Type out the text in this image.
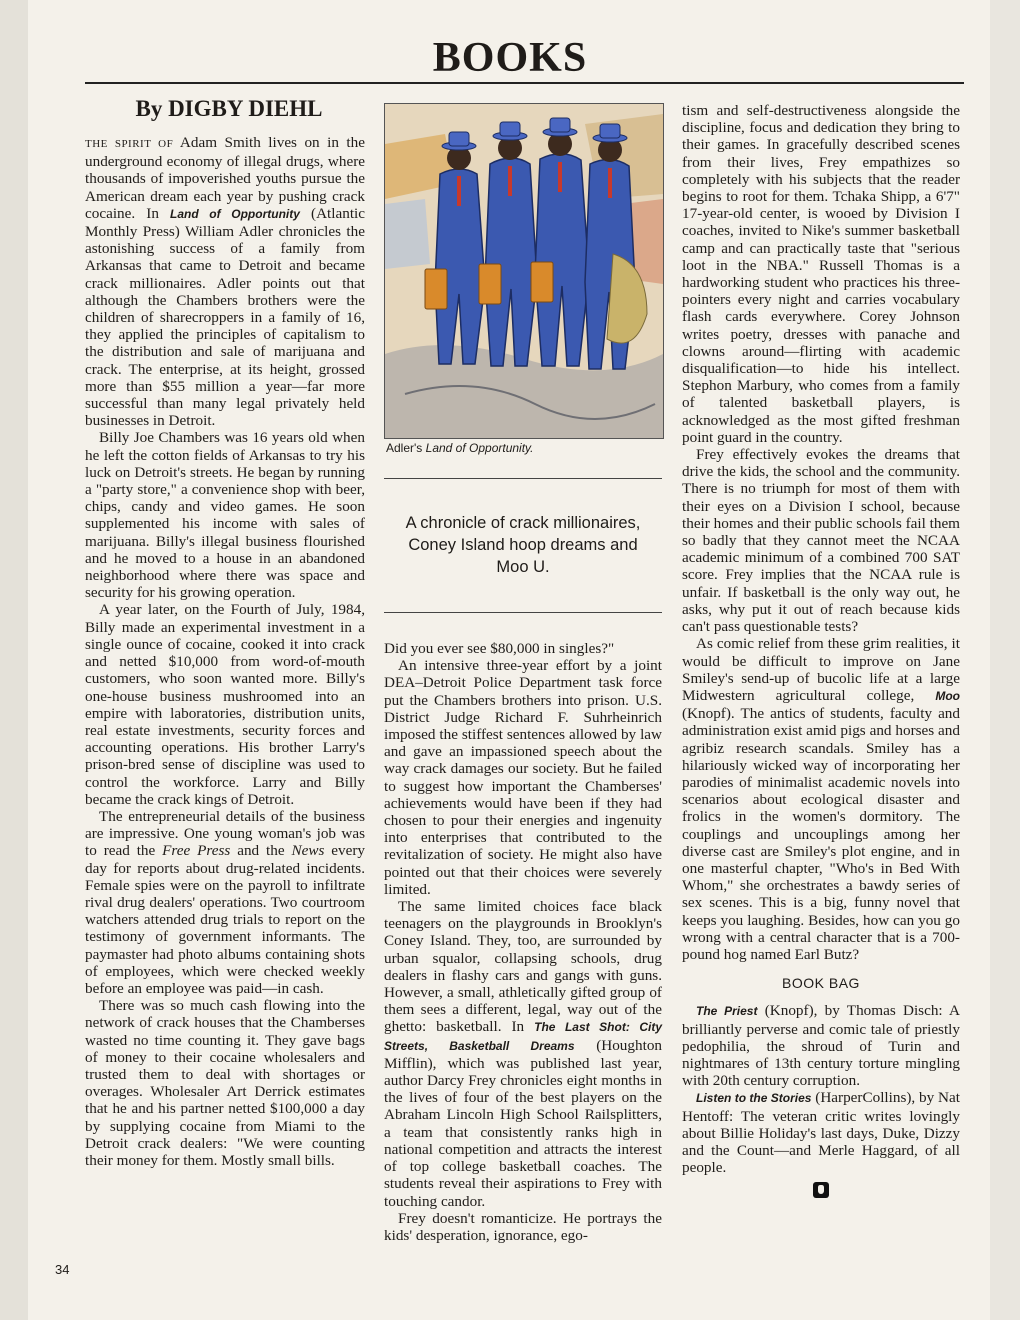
BOOKS
By DIGBY DIEHL

THE SPIRIT OF Adam Smith lives on in the underground economy of illegal drugs, where thousands of impoverished youths pursue the American dream each year by pushing crack cocaine. In Land of Opportunity (Atlantic Monthly Press) William Adler chronicles the astonishing success of a family from Arkansas that came to Detroit and became crack millionaires. Adler points out that although the Chambers brothers were the children of sharecroppers in a family of 16, they applied the principles of capitalism to the distribution and sale of marijuana and crack. The enterprise, at its height, grossed more than $55 million a year—far more successful than many legal privately held businesses in Detroit.

Billy Joe Chambers was 16 years old when he left the cotton fields of Arkansas to try his luck on Detroit's streets. He began by running a "party store," a convenience shop with beer, chips, candy and video games. He soon supplemented his income with sales of marijuana. Billy's illegal business flourished and he moved to a house in an abandoned neighborhood where there was space and security for his growing operation.

A year later, on the Fourth of July, 1984, Billy made an experimental investment in a single ounce of cocaine, cooked it into crack and netted $10,000 from word-of-mouth customers, who soon wanted more. Billy's one-house business mushroomed into an empire with laboratories, distribution units, real estate investments, security forces and accounting operations. His brother Larry's prison-bred sense of discipline was used to control the workforce. Larry and Billy became the crack kings of Detroit.

The entrepreneurial details of the business are impressive. One young woman's job was to read the Free Press and the News every day for reports about drug-related incidents. Female spies were on the payroll to infiltrate rival drug dealers' operations. Two courtroom watchers attended drug trials to report on the testimony of government informants. The paymaster had photo albums containing shots of employees, which were checked weekly before an employee was paid—in cash.

There was so much cash flowing into the network of crack houses that the Chamberses wasted no time counting it. They gave bags of money to their cocaine wholesalers and trusted them to deal with shortages or overages. Wholesaler Art Derrick estimates that he and his partner netted $100,000 a day by supplying cocaine from Miami to the Detroit crack dealers: "We were counting their money for them. Mostly small bills.

Adler's Land of Opportunity.

A chronicle of crack millionaires, Coney Island hoop dreams and Moo U.

Did you ever see $80,000 in singles?"

An intensive three-year effort by a joint DEA–Detroit Police Department task force put the Chambers brothers into prison. U.S. District Judge Richard F. Suhrheinrich imposed the stiffest sentences allowed by law and gave an impassioned speech about the way crack damages our society. But he failed to suggest how important the Chamberses' achievements would have been if they had chosen to pour their energies and ingenuity into enterprises that contributed to the revitalization of society. He might also have pointed out that their choices were severely limited.

The same limited choices face black teenagers on the playgrounds in Brooklyn's Coney Island. They, too, are surrounded by urban squalor, collapsing schools, drug dealers in flashy cars and gangs with guns. However, a small, athletically gifted group of them sees a different, legal, way out of the ghetto: basketball. In The Last Shot: City Streets, Basketball Dreams (Houghton Mifflin), which was published last year, author Darcy Frey chronicles eight months in the lives of four of the best players on the Abraham Lincoln High School Railsplitters, a team that consistently ranks high in national competition and attracts the interest of top college basketball coaches. The students reveal their aspirations to Frey with touching candor.

Frey doesn't romanticize. He portrays the kids' desperation, ignorance, ego-

tism and self-destructiveness alongside the discipline, focus and dedication they bring to their games. In gracefully described scenes from their lives, Frey empathizes so completely with his subjects that the reader begins to root for them. Tchaka Shipp, a 6'7" 17-year-old center, is wooed by Division I coaches, invited to Nike's summer basketball camp and can practically taste that "serious loot in the NBA." Russell Thomas is a hardworking student who practices his three-pointers every night and carries vocabulary flash cards everywhere. Corey Johnson writes poetry, dresses with panache and clowns around—flirting with academic disqualification—to hide his intellect. Stephon Marbury, who comes from a family of talented basketball players, is acknowledged as the most gifted freshman point guard in the country.

Frey effectively evokes the dreams that drive the kids, the school and the community. There is no triumph for most of them with their eyes on a Division I school, because their homes and their public schools fail them so badly that they cannot meet the NCAA academic minimum of a combined 700 SAT score. Frey implies that the NCAA rule is unfair. If basketball is the only way out, he asks, why put it out of reach because kids can't pass questionable tests?

As comic relief from these grim realities, it would be difficult to improve on Jane Smiley's send-up of bucolic life at a large Midwestern agricultural college, Moo (Knopf). The antics of students, faculty and administration exist amid pigs and horses and agribiz research scandals. Smiley has a hilariously wicked way of incorporating her parodies of minimalist academic novels into scenarios about ecological disaster and frolics in the women's dormitory. The couplings and uncouplings among her diverse cast are Smiley's plot engine, and in one masterful chapter, "Who's in Bed With Whom," she orchestrates a bawdy series of sex scenes. This is a big, funny novel that keeps you laughing. Besides, how can you go wrong with a central character that is a 700-pound hog named Earl Butz?

BOOK BAG

The Priest (Knopf), by Thomas Disch: A brilliantly perverse and comic tale of priestly pedophilia, the shroud of Turin and nightmares of 13th century torture mingling with 20th century corruption.

Listen to the Stories (HarperCollins), by Nat Hentoff: The veteran critic writes lovingly about Billie Holiday's last days, Duke, Dizzy and the Count—and Merle Haggard, of all people.

34
